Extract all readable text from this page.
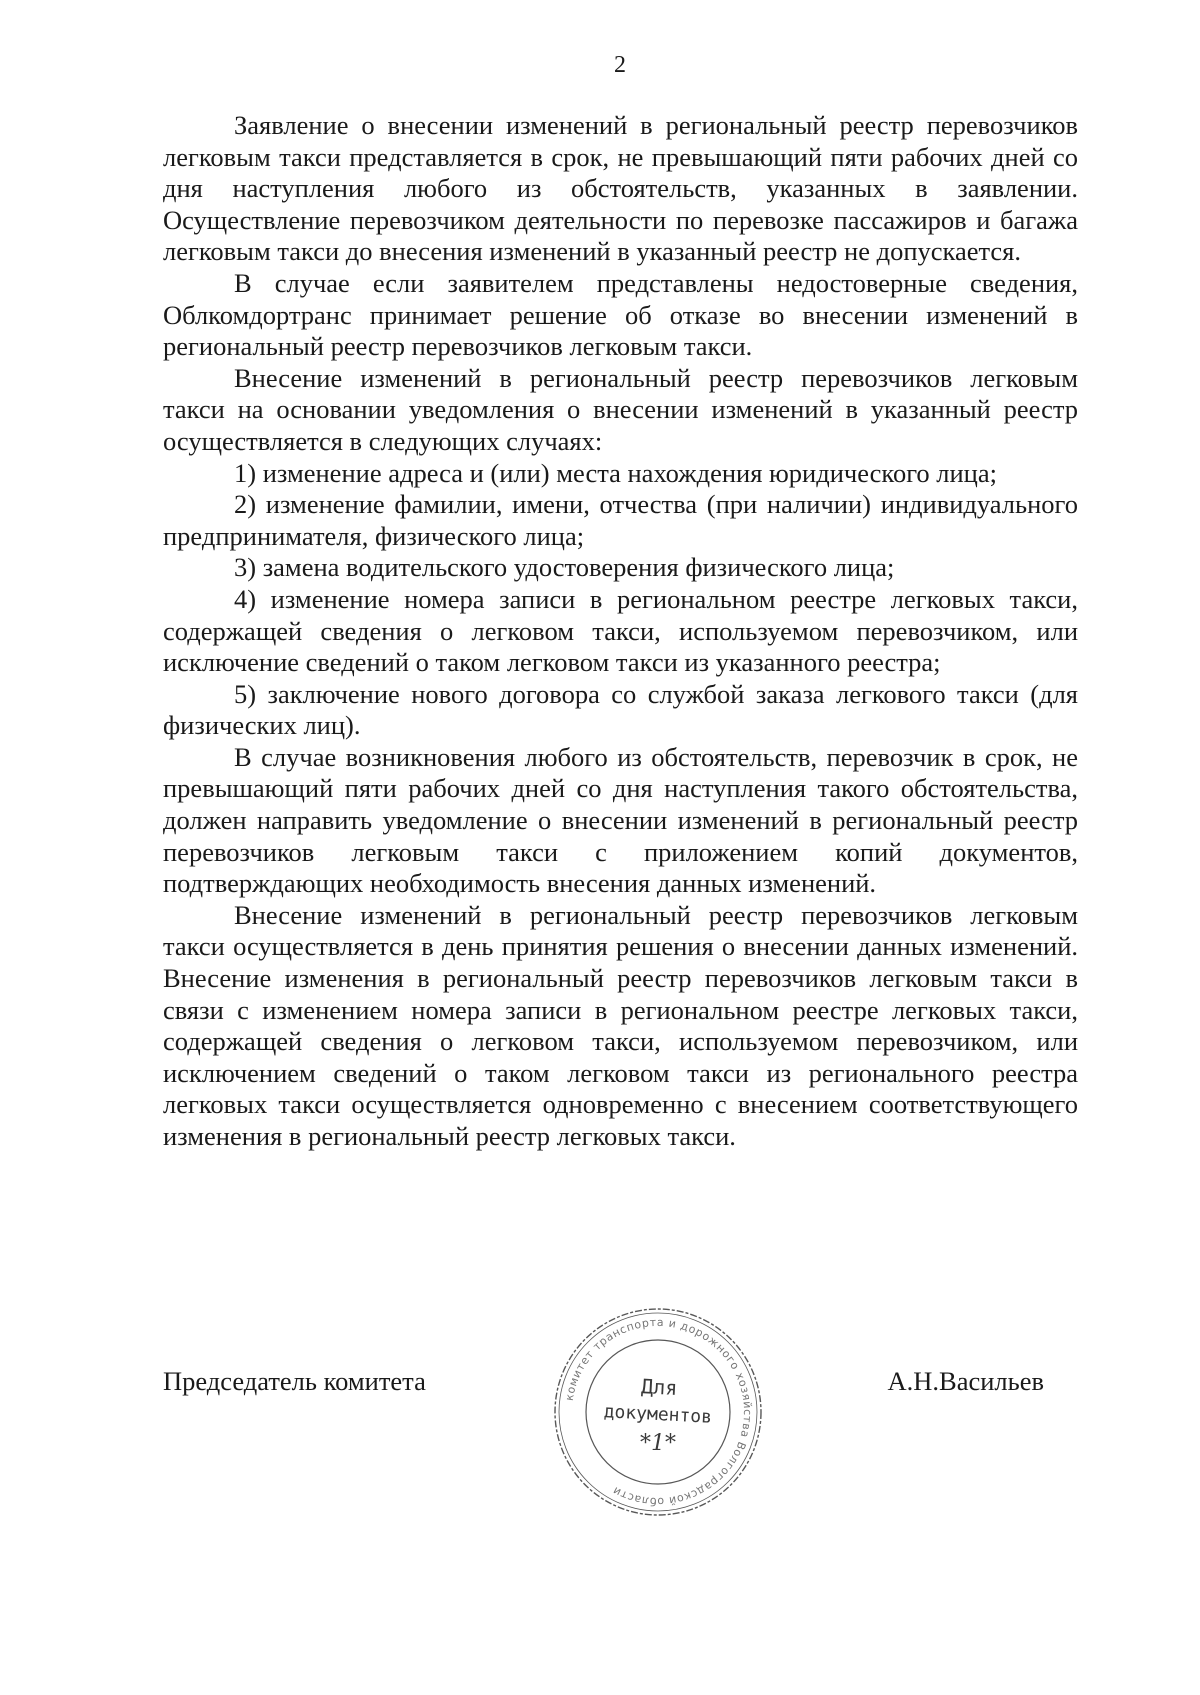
2

Заявление о внесении изменений в региональный реестр перевозчиков легковым такси представляется в срок, не превышающий пяти рабочих дней со дня наступления любого из обстоятельств, указанных в заявлении. Осуществление перевозчиком деятельности по перевозке пассажиров и багажа легковым такси до внесения изменений в указанный реестр не допускается.

В случае если заявителем представлены недостоверные сведения, Облкомдортранс принимает решение об отказе во внесении изменений в региональный реестр перевозчиков легковым такси.

Внесение изменений в региональный реестр перевозчиков легковым такси на основании уведомления о внесении изменений в указанный реестр осуществляется в следующих случаях:

1) изменение адреса и (или) места нахождения юридического лица;

2) изменение фамилии, имени, отчества (при наличии) индивидуального предпринимателя, физического лица;

3) замена водительского удостоверения физического лица;

4) изменение номера записи в региональном реестре легковых такси, содержащей сведения о легковом такси, используемом перевозчиком, или исключение сведений о таком легковом такси из указанного реестра;

5) заключение нового договора со службой заказа легкового такси (для физических лиц).

В случае возникновения любого из обстоятельств, перевозчик в срок, не превышающий пяти рабочих дней со дня наступления такого обстоятельства, должен направить уведомление о внесении изменений в региональный реестр перевозчиков легковым такси с приложением копий документов, подтверждающих необходимость внесения данных изменений.

Внесение изменений в региональный реестр перевозчиков легковым такси осуществляется в день принятия решения о внесении данных изменений. Внесение изменения в региональный реестр перевозчиков легковым такси в связи с изменением номера записи в региональном реестре легковых такси, содержащей сведения о легковом такси, используемом перевозчиком, или исключением сведений о таком легковом такси из регионального реестра легковых такси осуществляется одновременно с внесением соответствующего изменения в региональный реестр легковых такси.

Председатель комитета	А.Н.Васильев
комитет транспорта и дорожного хозяйства Волгоградской области
Для
документов
*1*
